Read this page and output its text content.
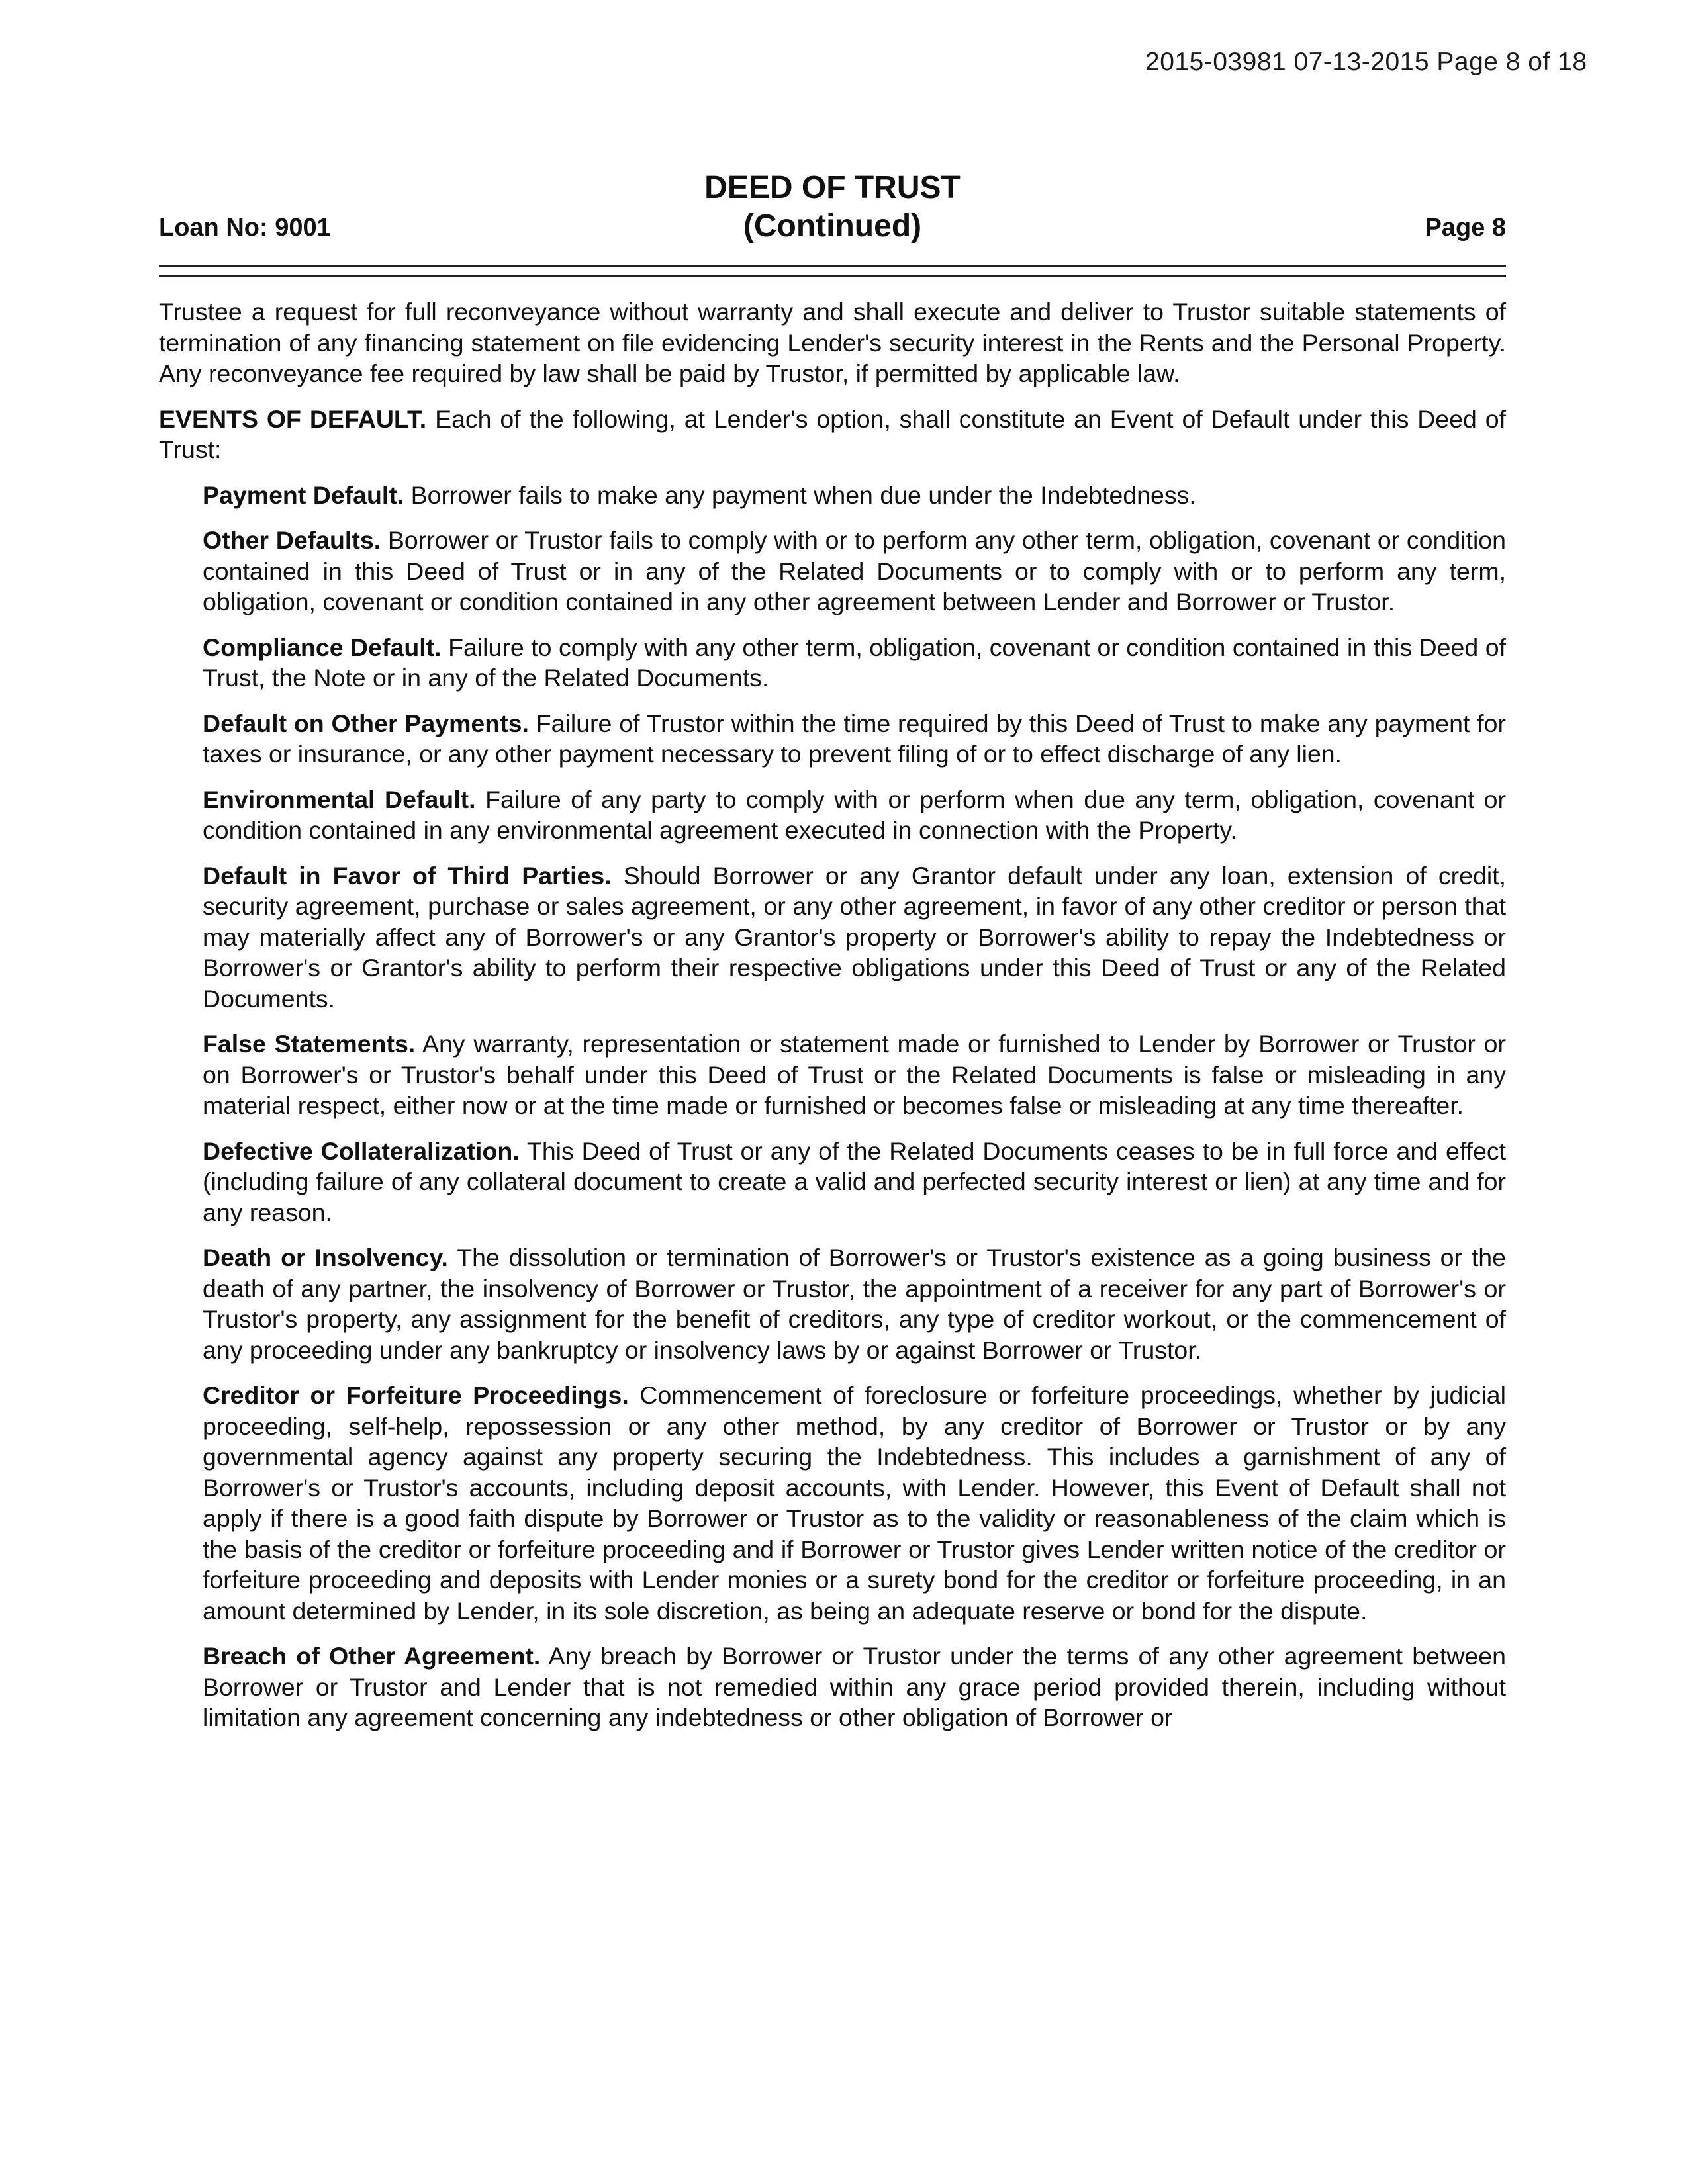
2015-03981 07-13-2015 Page 8 of 18
Loan No: 9001
DEED OF TRUST
(Continued)	Page 8

Trustee a request for full reconveyance without warranty and shall execute and deliver to Trustor suitable statements of termination of any financing statement on file evidencing Lender's security interest in the Rents and the Personal Property. Any reconveyance fee required by law shall be paid by Trustor, if permitted by applicable law.

EVENTS OF DEFAULT. Each of the following, at Lender's option, shall constitute an Event of Default under this Deed of Trust:

Payment Default. Borrower fails to make any payment when due under the Indebtedness.

Other Defaults. Borrower or Trustor fails to comply with or to perform any other term, obligation, covenant or condition contained in this Deed of Trust or in any of the Related Documents or to comply with or to perform any term, obligation, covenant or condition contained in any other agreement between Lender and Borrower or Trustor.

Compliance Default. Failure to comply with any other term, obligation, covenant or condition contained in this Deed of Trust, the Note or in any of the Related Documents.

Default on Other Payments. Failure of Trustor within the time required by this Deed of Trust to make any payment for taxes or insurance, or any other payment necessary to prevent filing of or to effect discharge of any lien.

Environmental Default. Failure of any party to comply with or perform when due any term, obligation, covenant or condition contained in any environmental agreement executed in connection with the Property.

Default in Favor of Third Parties. Should Borrower or any Grantor default under any loan, extension of credit, security agreement, purchase or sales agreement, or any other agreement, in favor of any other creditor or person that may materially affect any of Borrower's or any Grantor's property or Borrower's ability to repay the Indebtedness or Borrower's or Grantor's ability to perform their respective obligations under this Deed of Trust or any of the Related Documents.

False Statements. Any warranty, representation or statement made or furnished to Lender by Borrower or Trustor or on Borrower's or Trustor's behalf under this Deed of Trust or the Related Documents is false or misleading in any material respect, either now or at the time made or furnished or becomes false or misleading at any time thereafter.

Defective Collateralization. This Deed of Trust or any of the Related Documents ceases to be in full force and effect (including failure of any collateral document to create a valid and perfected security interest or lien) at any time and for any reason.

Death or Insolvency. The dissolution or termination of Borrower's or Trustor's existence as a going business or the death of any partner, the insolvency of Borrower or Trustor, the appointment of a receiver for any part of Borrower's or Trustor's property, any assignment for the benefit of creditors, any type of creditor workout, or the commencement of any proceeding under any bankruptcy or insolvency laws by or against Borrower or Trustor.

Creditor or Forfeiture Proceedings. Commencement of foreclosure or forfeiture proceedings, whether by judicial proceeding, self-help, repossession or any other method, by any creditor of Borrower or Trustor or by any governmental agency against any property securing the Indebtedness. This includes a garnishment of any of Borrower's or Trustor's accounts, including deposit accounts, with Lender. However, this Event of Default shall not apply if there is a good faith dispute by Borrower or Trustor as to the validity or reasonableness of the claim which is the basis of the creditor or forfeiture proceeding and if Borrower or Trustor gives Lender written notice of the creditor or forfeiture proceeding and deposits with Lender monies or a surety bond for the creditor or forfeiture proceeding, in an amount determined by Lender, in its sole discretion, as being an adequate reserve or bond for the dispute.

Breach of Other Agreement. Any breach by Borrower or Trustor under the terms of any other agreement between Borrower or Trustor and Lender that is not remedied within any grace period provided therein, including without limitation any agreement concerning any indebtedness or other obligation of Borrower or
